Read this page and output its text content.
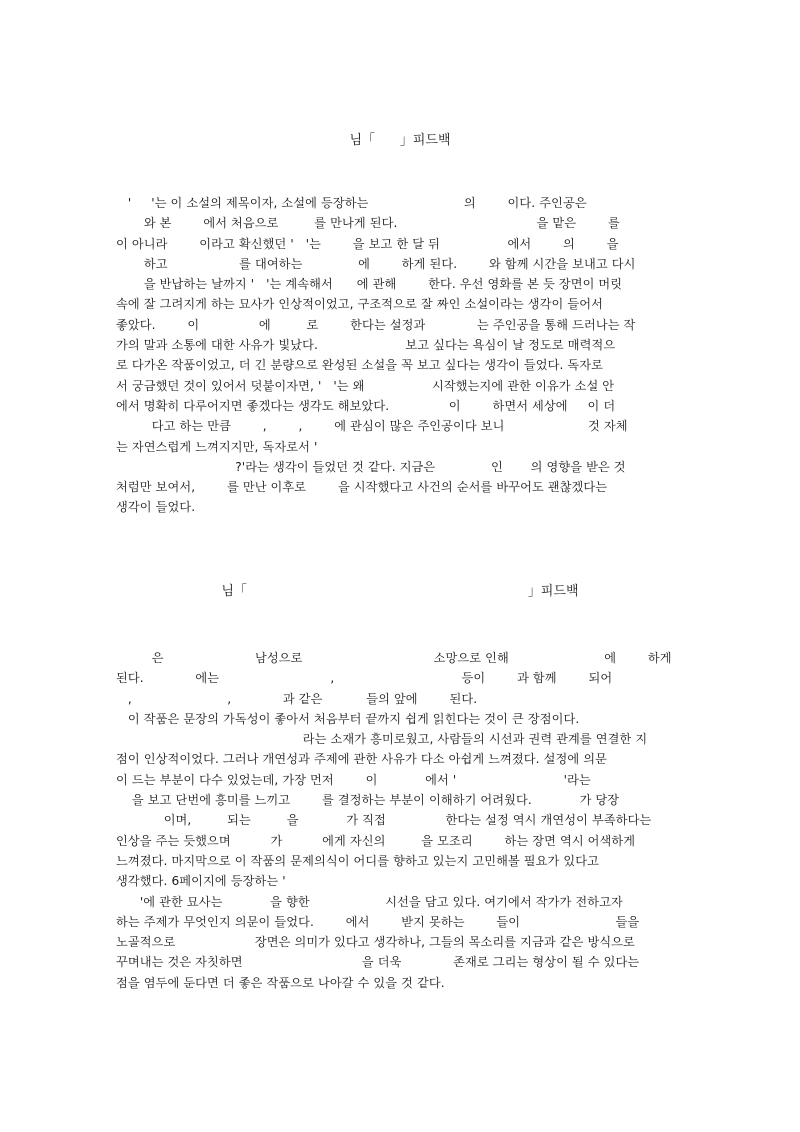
님「      」피드백
'     '는 이 소설의 제목이자, 소설에 등장하는                        의        이다. 주인공은
와 본        에서 처음으로         를 만나게 된다.                                   을 맡은        를
이 아니라        이라고 확신했던 '   '는        을 보고 한 달 뒤                 에서        의        을
하고                  를 대여하는              에        하게 된다.        와 함께 시간을 보내고 다시
을 반납하는 날까지 '   '는 계속해서      에 관해        한다. 우선 영화를 본 듯 장면이 머릿
속에 잘 그려지게 하는 묘사가 인상적이었고, 구조적으로 잘 짜인 소설이라는 생각이 들어서
좋았다.        이               에         로        한다는 설정과             는 주인공을 통해 드러나는 작
가의 말과 소통에 대한 사유가 빛났다.                      보고 싶다는 욕심이 날 정도로 매력적으
로 다가온 작품이었고, 더 긴 분량으로 완성된 소설을 꼭 보고 싶다는 생각이 들었다. 독자로
서 궁금했던 것이 있어서 덧붙이자면, '   '는 왜                 시작했는지에 관한 이유가 소설 안
에서 명확히 다루어지면 좋겠다는 생각도 해보았다.               이        하면서 세상에     이 더
다고 하는 만큼        ,        ,        에 관심이 많은 주인공이다 보니                     것 자체
는 자연스럽게 느껴지지만, 독자로서 '
?'라는 생각이 들었던 것 같다. 지금은              인       의 영향을 받은 것
처럼만 보여서,        를 만난 이후로        을 시작했다고 사건의 순서를 바꾸어도 괜찮겠다는
생각이 들었다.
님「                                                                    」피드백
은                       남성으로                                 소망으로 인해                        에        하게
된다.             에는                            ,                                등이        과 함께        되어
,                        ,             과 같은           들의 앞에        된다.
이 작품은 문장의 가독성이 좋아서 처음부터 끝까지 쉽게 읽힌다는 것이 큰 장점이다.
라는 소재가 흥미로웠고, 사람들의 시선과 권력 관계를 연결한 지
점이 인상적이었다. 그러나 개연성과 주제에 관한 사유가 다소 아쉽게 느껴졌다. 설정에 의문
이 드는 부분이 다수 있었는데, 가장 먼저        이            에서 '                           '라는
을 보고 단번에 흥미를 느끼고        를 결정하는 부분이 이해하기 어려웠다.            가 당장
이며,         되는         을            가 직접               한다는 설정 역시 개연성이 부족하다는
인상을 주는 듯했으며          가          에게 자신의         을 모조리        하는 장면 역시 어색하게
느껴졌다. 마지막으로 이 작품의 문제의식이 어디를 향하고 있는지 고민해볼 필요가 있다고
생각했다. 6페이지에 등장하는 '
'에 관한 묘사는            을 향한                   시선을 담고 있다. 여기에서 작가가 전하고자
하는 주제가 무엇인지 의문이 들었다.        에서        받지 못하는        들이                        들을
노골적으로                    장면은 의미가 있다고 생각하나, 그들의 목소리를 지금과 같은 방식으로
꾸며내는 것은 자칫하면                              을 더욱             존재로 그리는 형상이 될 수 있다는
점을 염두에 둔다면 더 좋은 작품으로 나아갈 수 있을 것 같다.
